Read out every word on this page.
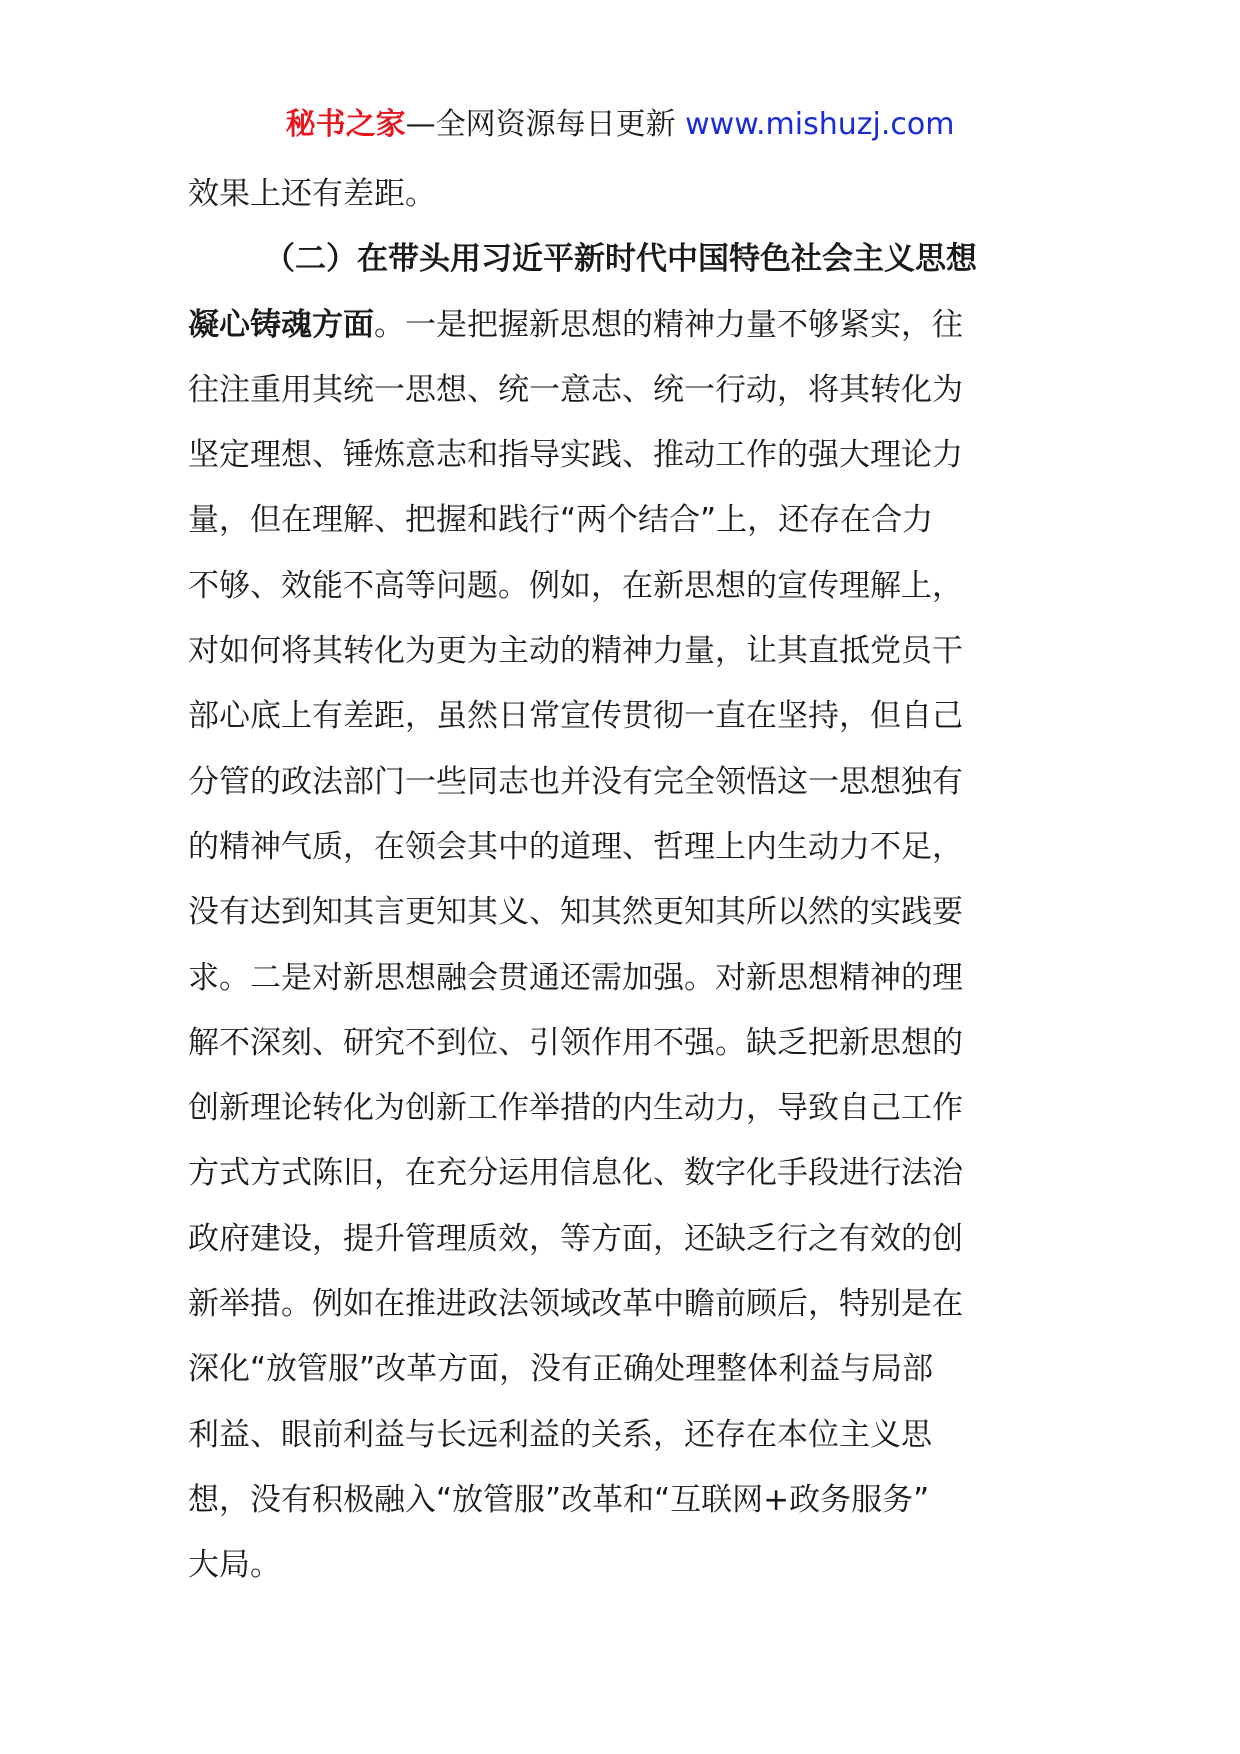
秘书之家—全网资源每日更新 www.mishuzj.com
效果上还有差距。
（二）在带头用习近平新时代中国特色社会主义思想
凝心铸魂方面。一是把握新思想的精神力量不够紧实，往
往注重用其统一思想、统一意志、统一行动，将其转化为
坚定理想、锤炼意志和指导实践、推动工作的强大理论力
量，但在理解、把握和践行“两个结合”上，还存在合力
不够、效能不高等问题。例如，在新思想的宣传理解上，
对如何将其转化为更为主动的精神力量，让其直抵党员干
部心底上有差距，虽然日常宣传贯彻一直在坚持，但自己
分管的政法部门一些同志也并没有完全领悟这一思想独有
的精神气质，在领会其中的道理、哲理上内生动力不足，
没有达到知其言更知其义、知其然更知其所以然的实践要
求。二是对新思想融会贯通还需加强。对新思想精神的理
解不深刻、研究不到位、引领作用不强。缺乏把新思想的
创新理论转化为创新工作举措的内生动力，导致自己工作
方式方式陈旧，在充分运用信息化、数字化手段进行法治
政府建设，提升管理质效，等方面，还缺乏行之有效的创
新举措。例如在推进政法领域改革中瞻前顾后，特别是在
深化“放管服”改革方面，没有正确处理整体利益与局部
利益、眼前利益与长远利益的关系，还存在本位主义思
想，没有积极融入“放管服”改革和“互联网+政务服务”
大局。
